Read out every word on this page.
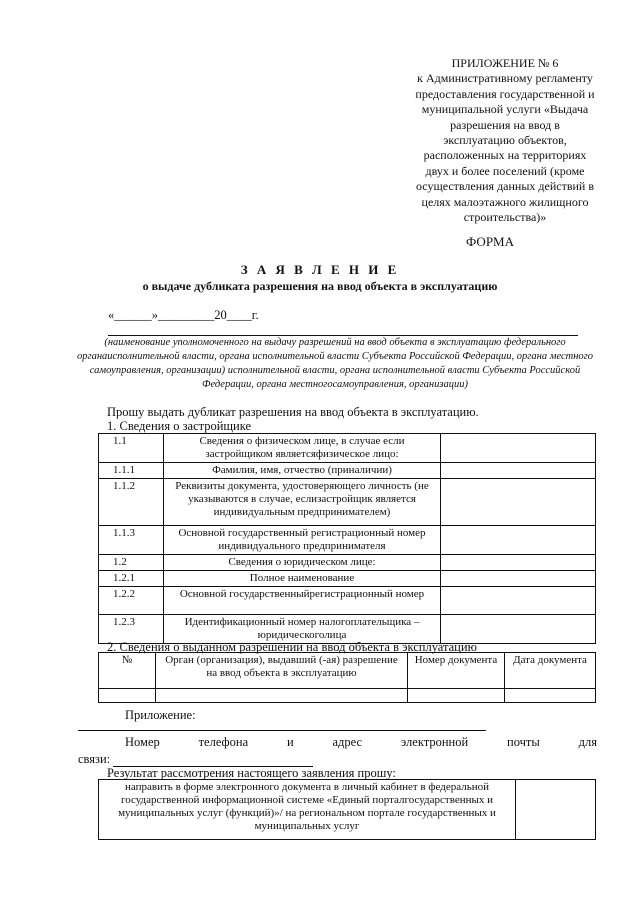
ПРИЛОЖЕНИЕ № 6
к Административному регламенту
предоставления государственной и
муниципальной услуги «Выдача
разрешения на ввод в
эксплуатацию объектов,
расположенных на территориях
двух и более поселений (кроме
осуществления данных действий в
целях малоэтажного жилищного
строительства)»
ФОРМА
З А Я В Л Е Н И Е
о выдаче дубликата разрешения на ввод объекта в эксплуатацию
«______»_________20____г.
(наименование уполномоченного на выдачу разрешений на ввод объекта в эксплуатацию федерального органаисполнительной власти, органа исполнительной власти Субъекта Российской Федерации, органа местного самоуправления, организации) исполнительной власти, органа исполнительной власти Субъекта Российской Федерации, органа местногосамоуправления, организации)
Прошу выдать дубликат разрешения на ввод объекта в эксплуатацию.
1. Сведения о застройщике
1.1	Сведения о физическом лице, в случае если застройщиком являетсяфизическое лицо:	
1.1.1	Фамилия, имя, отчество (приналичии)	
1.1.2	Реквизиты документа, удостоверяющего личность (не указываются в случае, еслизастройщик является индивидуальным предпринимателем)	
1.1.3	Основной государственный регистрационный номер индивидуального предпринимателя	
1.2	Сведения о юридическом лице:	
1.2.1	Полное наименование	
1.2.2	Основной государственныйрегистрационный номер	
1.2.3	Идентификационный номер налогоплательщика – юридическоголица	
2. Сведения о выданном разрешении на ввод объекта в эксплуатацию
№	Орган (организация), выдавший (-ая) разрешение на ввод объекта в эксплуатацию	Номер документа	Дата документа

Приложение:
Номер	телефона	и	адрес	электронной	почты	для
связи:
Результат рассмотрения настоящего заявления прошу:
направить в форме электронного документа в личный кабинет в федеральной государственной информационной системе «Единый порталгосударственных и муниципальных услуг (функций)»/ на региональном портале государственных и муниципальных услуг	
